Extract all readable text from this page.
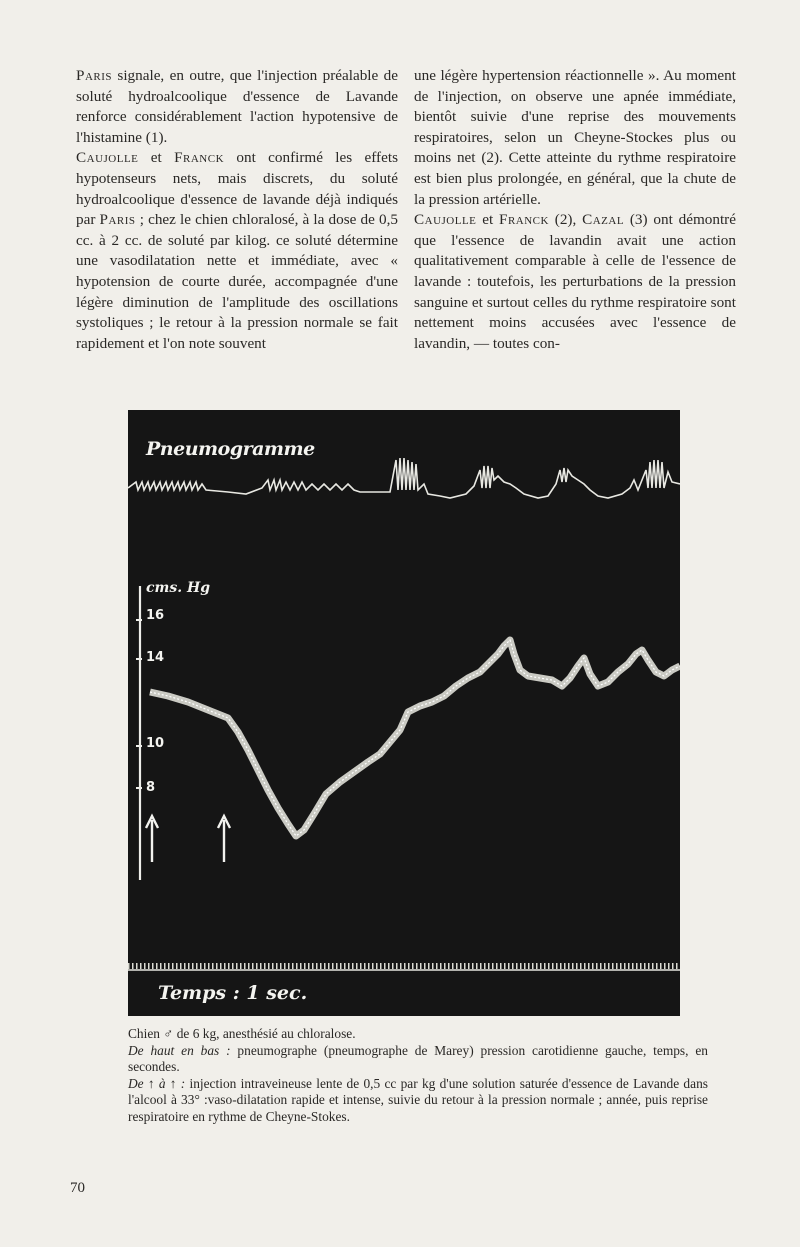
Paris signale, en outre, que l'injection préalable de soluté hydroalcoolique d'essence de Lavande renforce considérablement l'action hypotensive de l'histamine (1).

Caujolle et Franck ont confirmé les effets hypotenseurs nets, mais discrets, du soluté hydroalcoolique d'essence de lavande déjà indiqués par Paris ; chez le chien chloralosé, à la dose de 0,5 cc. à 2 cc. de soluté par kilog. ce soluté détermine une vasodilatation nette et immédiate, avec « hypotension de courte durée, accompagnée d'une légère diminution de l'amplitude des oscillations systoliques ; le retour à la pression normale se fait rapidement et l'on note souvent

une légère hypertension réactionnelle ». Au moment de l'injection, on observe une apnée immédiate, bientôt suivie d'une reprise des mouvements respiratoires, selon un Cheyne-Stockes plus ou moins net (2). Cette atteinte du rythme respiratoire est bien plus prolongée, en général, que la chute de la pression artérielle.

Caujolle et Franck (2), Cazal (3) ont démontré que l'essence de lavandin avait une action qualitativement comparable à celle de l'essence de lavande : toutefois, les perturbations de la pression sanguine et surtout celles du rythme respiratoire sont nettement moins accusées avec l'essence de lavandin, — toutes con-

Pneumogramme
cms. Hg
16
14
10
8
Temps : 1 sec.

Chien ♂ de 6 kg, anesthésié au chloralose.

De haut en bas : pneumographe (pneumographe de Marey) pression carotidienne gauche, temps, en secondes.

De ↑ à ↑ : injection intraveineuse lente de 0,5 cc par kg d'une solution saturée d'essence de Lavande dans l'alcool à 33° :vaso-dilatation rapide et intense, suivie du retour à la pression normale ; année, puis reprise respiratoire en rythme de Cheyne-Stokes.

70
